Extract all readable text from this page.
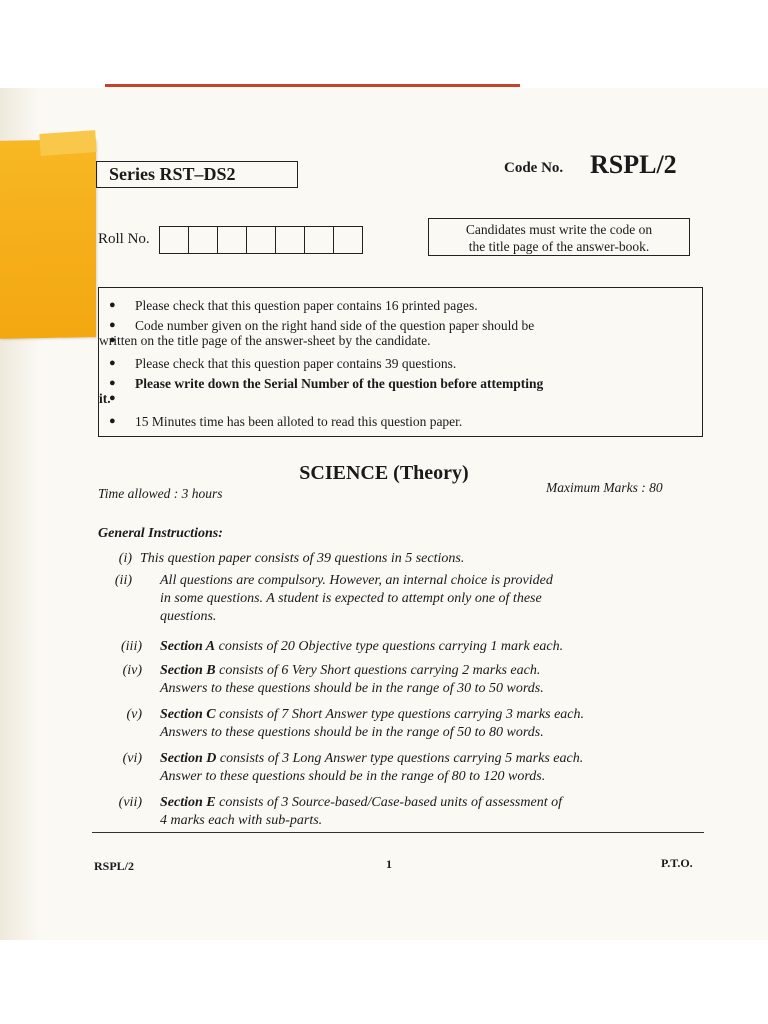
Series RST–DS2	Code No. RSPL/2
Roll No.
Candidates must write the code on
the title page of the answer-book.
● Please check that this question paper contains 16 printed pages.
● Code number given on the right hand side of the question paper should be
written on the title page of the answer-sheet by the candidate.
● Please check that this question paper contains 39 questions.
● Please write down the Serial Number of the question before attempting
it.
● 15 Minutes time has been alloted to read this question paper.
SCIENCE (Theory)
Time allowed : 3 hours	Maximum Marks : 80
General Instructions:
(i) This question paper consists of 39 questions in 5 sections.
(ii) All questions are compulsory. However, an internal choice is provided
in some questions. A student is expected to attempt only one of these
questions.
(iii) Section A consists of 20 Objective type questions carrying 1 mark each.
(iv) Section B consists of 6 Very Short questions carrying 2 marks each.
Answers to these questions should be in the range of 30 to 50 words.
(v) Section C consists of 7 Short Answer type questions carrying 3 marks each.
Answers to these questions should be in the range of 50 to 80 words.
(vi) Section D consists of 3 Long Answer type questions carrying 5 marks each.
Answer to these questions should be in the range of 80 to 120 words.
(vii) Section E consists of 3 Source-based/Case-based units of assessment of
4 marks each with sub-parts.
RSPL/2	1	P.T.O.
